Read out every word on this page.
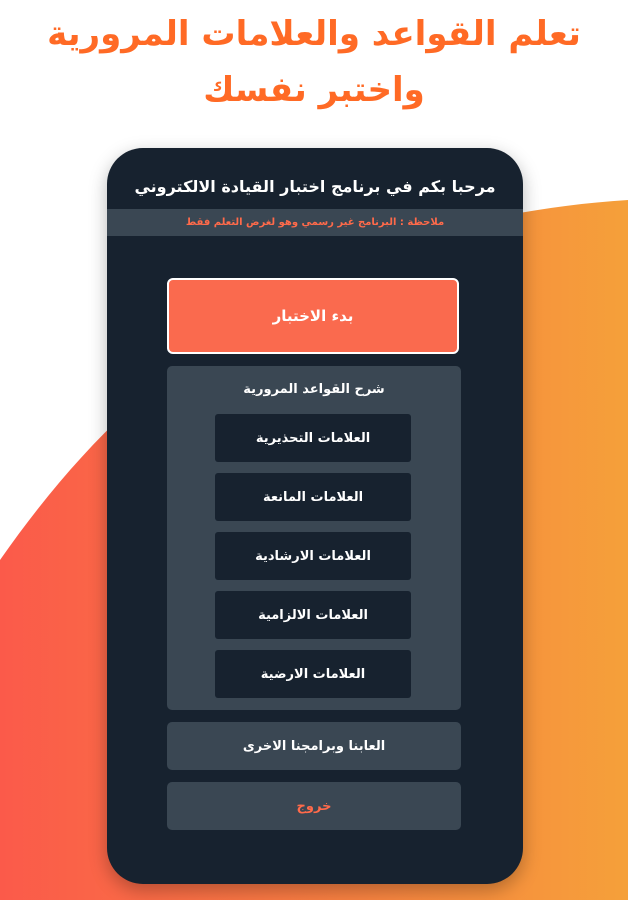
تعلم القواعد والعلامات المرورية
واختبر نفسك
مرحبا بكم في برنامج اختبار القيادة الالكتروني
ملاحظة : البرنامج غير رسمي وهو لغرض التعلم فقط
بدء الاختبار
شرح القواعد المرورية
العلامات التحذيرية
العلامات المانعة
العلامات الارشادية
العلامات الالزامية
العلامات الارضية
العابنا وبرامجنا الاخرى
خروج
